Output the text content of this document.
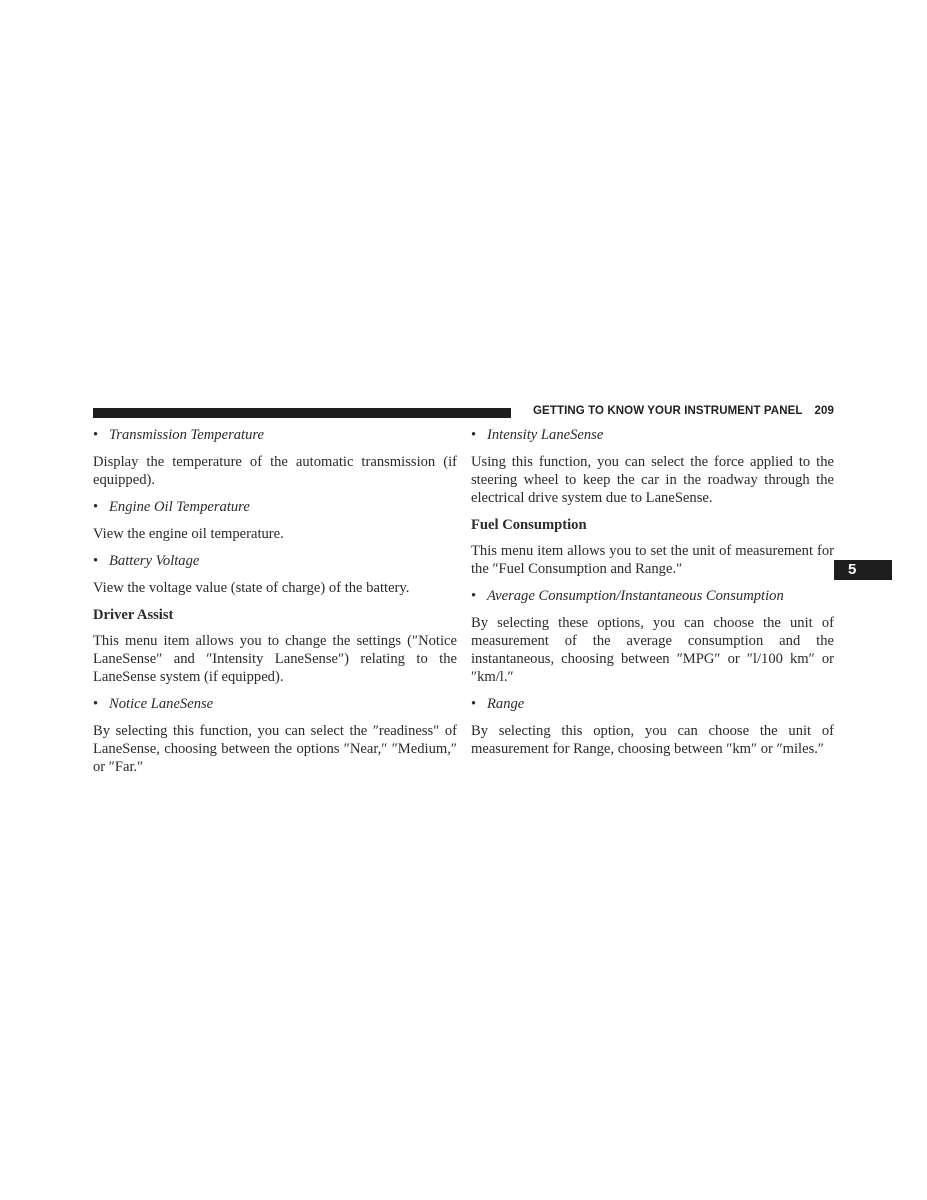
GETTING TO KNOW YOUR INSTRUMENT PANEL 209
5
• Transmission Temperature

Display the temperature of the automatic transmission (if equipped).

• Engine Oil Temperature

View the engine oil temperature.

• Battery Voltage

View the voltage value (state of charge) of the battery.

Driver Assist

This menu item allows you to change the settings (″Notice LaneSense″ and ″Intensity LaneSense″) relating to the LaneSense system (if equipped).

• Notice LaneSense

By selecting this function, you can select the ″readiness″ of LaneSense, choosing between the options ″Near,″ ″Medium,″ or ″Far.″

• Intensity LaneSense

Using this function, you can select the force applied to the steering wheel to keep the car in the roadway through the electrical drive system due to LaneSense.

Fuel Consumption

This menu item allows you to set the unit of measurement for the ″Fuel Consumption and Range.″

• Average Consumption/Instantaneous Consumption

By selecting these options, you can choose the unit of measurement of the average consumption and the instantaneous, choosing between ″MPG″ or ″l/100 km″ or ″km/l.″

• Range

By selecting this option, you can choose the unit of measurement for Range, choosing between ″km″ or ″miles.″
